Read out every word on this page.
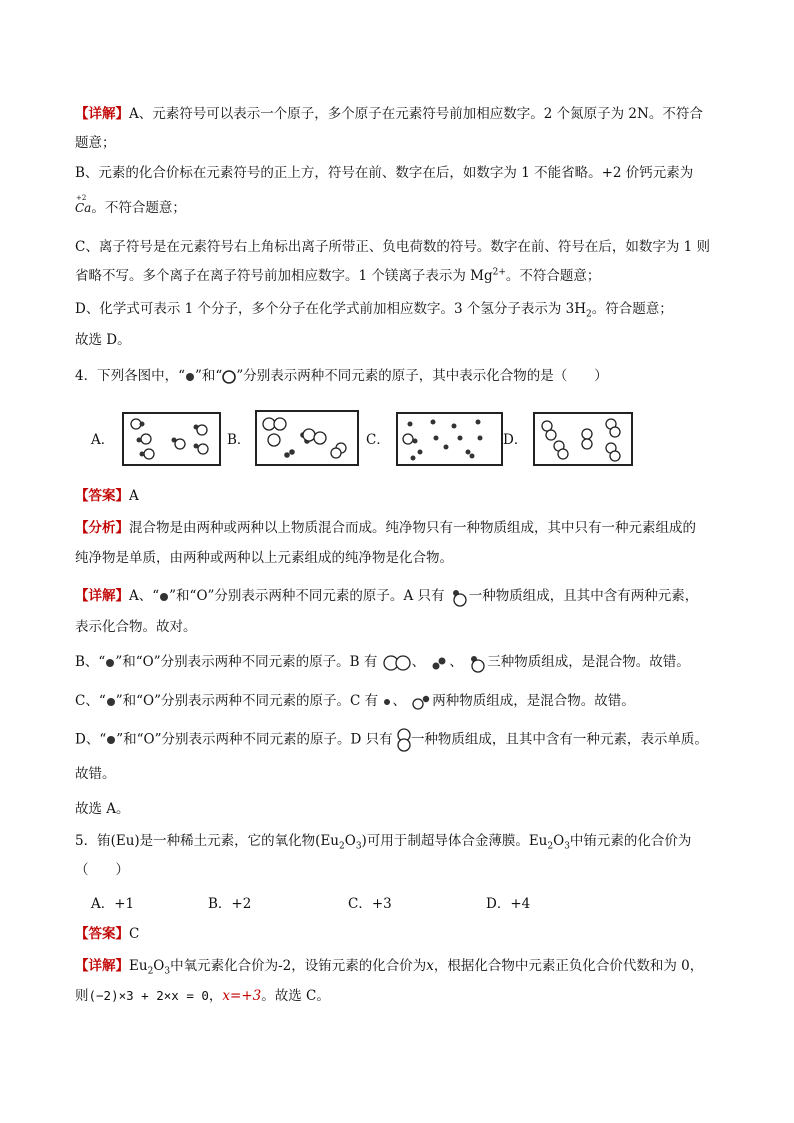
【详解】A、元素符号可以表示一个原子，多个原子在元素符号前加相应数字。2 个氮原子为 2N。不符合
题意；
B、元素的化合价标在元素符号的正上方，符号在前、数字在后，如数字为 1 不能省略。+2 价钙元素为
+2
Ca。不符合题意；
C、离子符号是在元素符号右上角标出离子所带正、负电荷数的符号。数字在前、符号在后，如数字为 1 则
省略不写。多个离子在离子符号前加相应数字。1 个镁离子表示为 $Mg^{2+}$。不符合题意；
D、化学式可表示 1 个分子，多个分子在化学式前加相应数字。3 个氢分子表示为 $3H_2$。符合题意；
故选 D。
4．下列各图中，“ ”和“ ”分别表示两种不同元素的原子，其中表示化合物的是（　　）
A．	B．	C．	D．
【答案】A
【分析】混合物是由两种或两种以上物质混合而成。纯净物只有一种物质组成，其中只有一种元素组成的
纯净物是单质，由两种或两种以上元素组成的纯净物是化合物。
【详解】A、“ ”和“O”分别表示两种不同元素的原子。A 只有 一种物质组成，且其中含有两种元素，
表示化合物。故对。
B、“ ”和“O”分别表示两种不同元素的原子。B 有	、 、 三种物质组成，是混合物。故错。
C、“ ”和“O”分别表示两种不同元素的原子。C 有 、 两种物质组成，是混合物。故错。
D、“ ”和“O”分别表示两种不同元素的原子。D 只有 一种物质组成，且其中含有一种元素，表示单质。
故错。
故选 A。
5．铕(Eu)是一种稀土元素，它的氧化物$(Eu_2O_3)$可用于制超导体合金薄膜。$Eu_2O_3$中铕元素的化合价为
（　　）
A．+1	B．+2	C．+3	D．+4
【答案】C
【详解】$Eu_2O_3$中氧元素化合价为-2，设铕元素的化合价为x，根据化合物中元素正负化合价代数和为 0，
则(−2)×3 + 2×x = 0，x=+3。故选 C。
